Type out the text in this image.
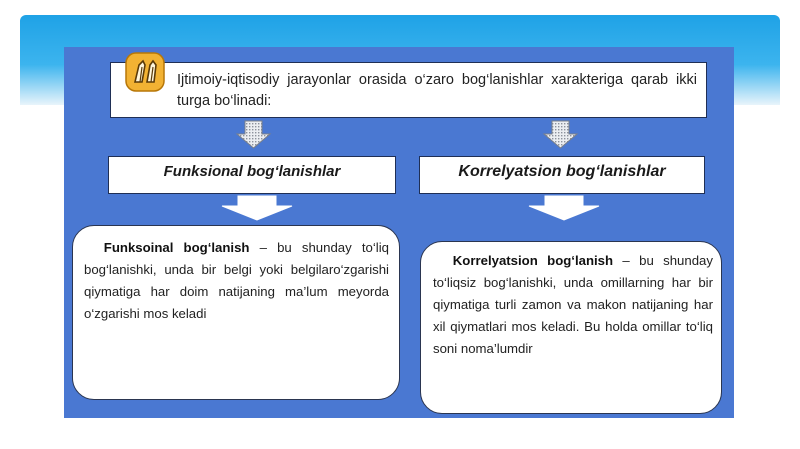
Ijtimoiy-iqtisodiy jarayonlar orasida o‘zaro bog‘lanishlar xarakteriga qarab ikki turga bo‘linadi:
Funksional bog‘lanishlar	Korrelyatsion bog‘lanishlar
  Funksoinal bog‘lanish – bu shunday to‘liq bog‘lanishki, unda bir belgi yoki belgilaro‘zgarishi qiymatiga har doim natijaning ma’lum meyorda o‘zgarishi mos keladi
  Korrelyatsion bog‘lanish – bu shunday to‘liqsiz bog‘lanishki, unda omillarning har bir qiymatiga turli zamon va makon natijaning har xil qiymatlari mos keladi. Bu holda omillar to‘liq soni noma’lumdir
